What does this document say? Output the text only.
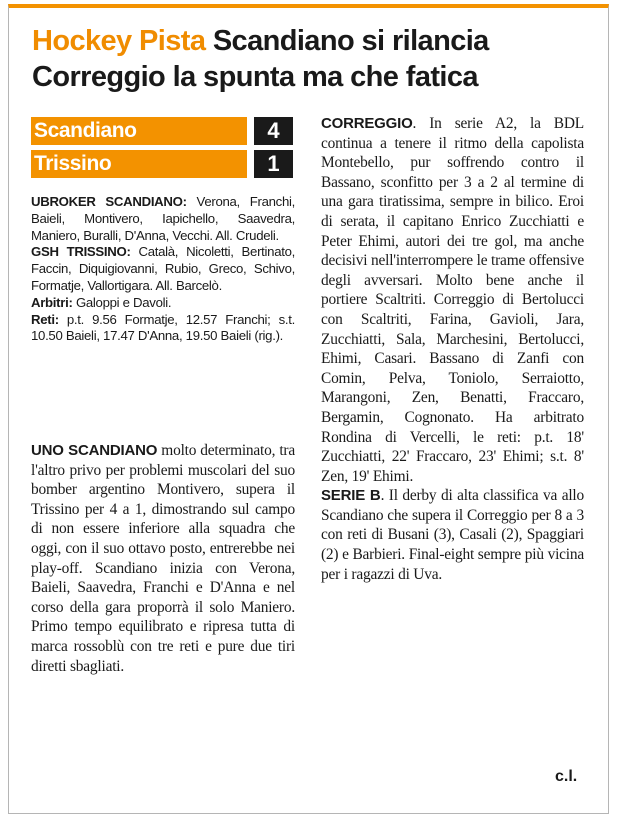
Hockey Pista Scandiano si rilancia
Correggio la spunta ma che fatica
Scandiano	4
Trissino	1

UBROKER SCANDIANO: Verona, Franchi, Baieli, Montivero, Iapichello, Saavedra, Maniero, Buralli, D'Anna, Vecchi. All. Crudeli.

GSH TRISSINO: Català, Nicoletti, Bertinato, Faccin, Diquigiovanni, Rubio, Greco, Schivo, Formatje, Vallortigara. All. Barcelò.

Arbitri: Galoppi e Davoli.

Reti: p.t. 9.56 Formatje, 12.57 Franchi; s.t. 10.50 Baieli, 17.47 D'Anna, 19.50 Baieli (rig.).

UNO SCANDIANO molto determinato, tra l'altro privo per problemi muscolari del suo bomber argentino Montivero, supera il Trissino per 4 a 1, dimostrando sul campo di non essere inferiore alla squadra che oggi, con il suo ottavo posto, entrerebbe nei play-off. Scandiano inizia con Verona, Baieli, Saavedra, Franchi e D'Anna e nel corso della gara proporrà il solo Maniero. Primo tempo equilibrato e ripresa tutta di marca rossoblù con tre reti e pure due tiri diretti sbagliati.

CORREGGIO. In serie A2, la BDL continua a tenere il ritmo della capolista Montebello, pur soffrendo contro il Bassano, sconfitto per 3 a 2 al termine di una gara tiratissima, sempre in bilico. Eroi di serata, il capitano Enrico Zucchiatti e Peter Ehimi, autori dei tre gol, ma anche decisivi nell'interrompere le trame offensive degli avversari. Molto bene anche il portiere Scaltriti. Correggio di Bertolucci con Scaltriti, Farina, Gavioli, Jara, Zucchiatti, Sala, Marchesini, Bertolucci, Ehimi, Casari. Bassano di Zanfi con Comin, Pelva, Toniolo, Serraiotto, Marangoni, Zen, Benatti, Fraccaro, Bergamin, Cognonato. Ha arbitrato Rondina di Vercelli, le reti: p.t. 18' Zucchiatti, 22' Fraccaro, 23' Ehimi; s.t. 8' Zen, 19' Ehimi.

SERIE B. Il derby di alta classifica va allo Scandiano che supera il Correggio per 8 a 3 con reti di Busani (3), Casali (2), Spaggiari (2) e Barbieri. Final-eight sempre più vicina per i ragazzi di Uva.

c.l.
